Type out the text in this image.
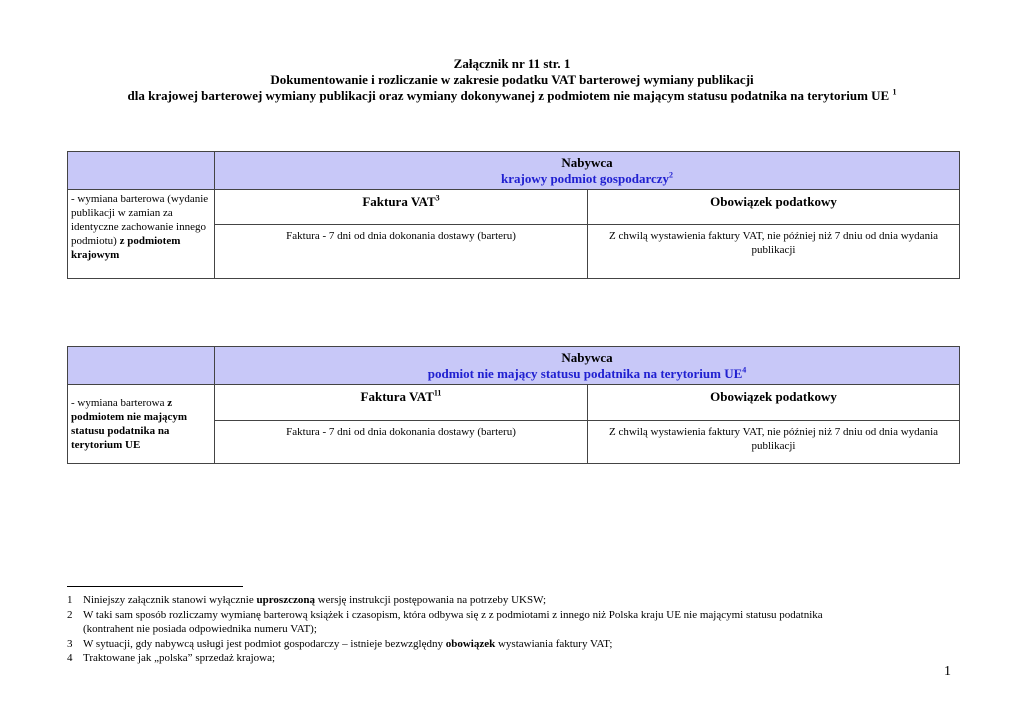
Załącznik nr 11 str. 1
Dokumentowanie i rozliczanie w zakresie podatku VAT barterowej wymiany publikacji
dla krajowej barterowej wymiany publikacji oraz wymiany dokonywanej z podmiotem nie mającym statusu podatnika na terytorium UE $^1$

	Nabywca
krajowy podmiot gospodarczy$^2$

- wymiana barterowa (wydanie publikacji w zamian za identyczne zachowanie innego podmiotu) z podmiotem krajowym	Faktura VAT$^3$	Obowiązek podatkowy
	Faktura - 7 dni od dnia dokonania dostawy (barteru)	Z chwilą wystawienia faktury VAT, nie później niż 7 dniu od dnia wydania publikacji

	Nabywca
podmiot nie mający statusu podatnika na terytorium $UE^4$

- wymiana barterowa z podmiotem nie mającym statusu podatnika na terytorium UE	Faktura VAT$^{11}$	Obowiązek podatkowy
	Faktura - 7 dni od dnia dokonania dostawy (barteru)	Z chwilą wystawienia faktury VAT, nie później niż 7 dniu od dnia wydania publikacji
1 Niniejszy załącznik stanowi wyłącznie uproszczoną wersję instrukcji postępowania na potrzeby UKSW;
2 W taki sam sposób rozliczamy wymianę barterową książek i czasopism, która odbywa się z z podmiotami z innego niż Polska kraju UE nie mającymi statusu podatnika
(kontrahent nie posiada odpowiednika numeru VAT);
3 W sytuacji, gdy nabywcą usługi jest podmiot gospodarczy – istnieje bezwzględny obowiązek wystawiania faktury VAT;
4 Traktowane jak „polska” sprzedaż krajowa;
1
